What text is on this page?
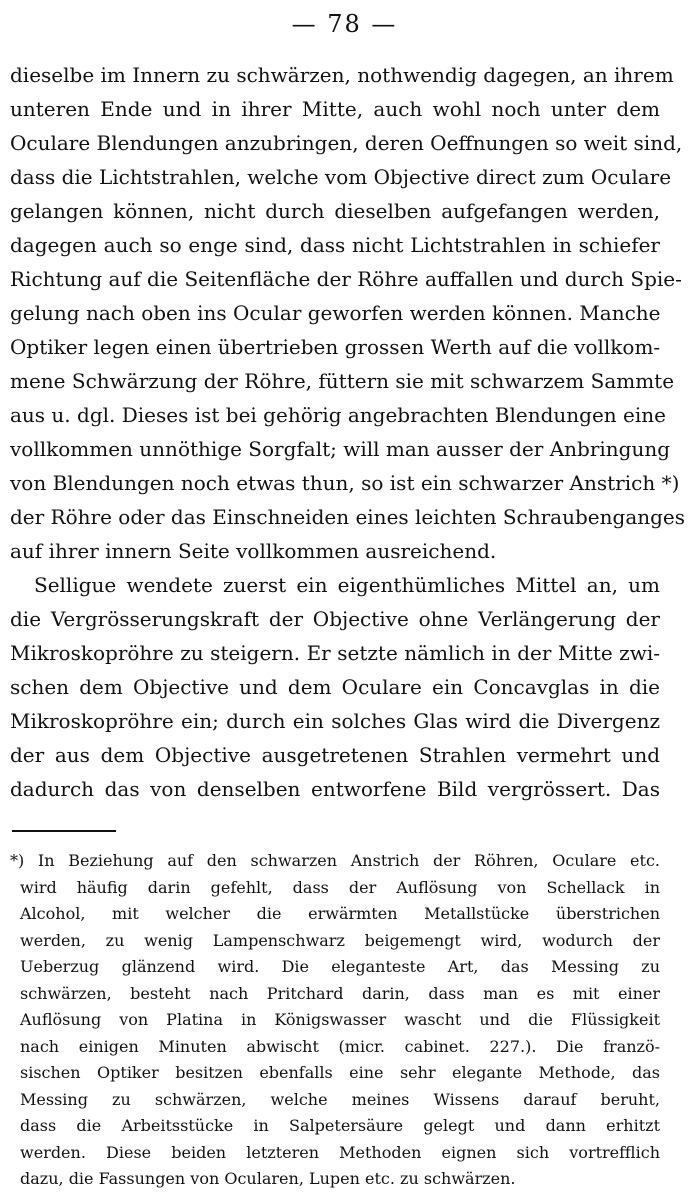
— 78 —
dieselbe im Innern zu schwärzen, nothwendig dagegen, an ihrem
unteren Ende und in ihrer Mitte, auch wohl noch unter dem
Oculare Blendungen anzubringen, deren Oeffnungen so weit sind,
dass die Lichtstrahlen, welche vom Objective direct zum Oculare
gelangen können, nicht durch dieselben aufgefangen werden,
dagegen auch so enge sind, dass nicht Lichtstrahlen in schiefer
Richtung auf die Seitenfläche der Röhre auffallen und durch Spie-
gelung nach oben ins Ocular geworfen werden können. Manche
Optiker legen einen übertrieben grossen Werth auf die vollkom-
mene Schwärzung der Röhre, füttern sie mit schwarzem Sammte
aus u. dgl. Dieses ist bei gehörig angebrachten Blendungen eine
vollkommen unnöthige Sorgfalt; will man ausser der Anbringung
von Blendungen noch etwas thun, so ist ein schwarzer Anstrich *)
der Röhre oder das Einschneiden eines leichten Schraubenganges
auf ihrer innern Seite vollkommen ausreichend.
Selligue wendete zuerst ein eigenthümliches Mittel an, um
die Vergrösserungskraft der Objective ohne Verlängerung der
Mikroskopröhre zu steigern. Er setzte nämlich in der Mitte zwi-
schen dem Objective und dem Oculare ein Concavglas in die
Mikroskopröhre ein; durch ein solches Glas wird die Divergenz
der aus dem Objective ausgetretenen Strahlen vermehrt und
dadurch das von denselben entworfene Bild vergrössert. Das
*) In Beziehung auf den schwarzen Anstrich der Röhren, Oculare etc.
wird häufig darin gefehlt, dass der Auflösung von Schellack in
Alcohol, mit welcher die erwärmten Metallstücke überstrichen
werden, zu wenig Lampenschwarz beigemengt wird, wodurch der
Ueberzug glänzend wird. Die eleganteste Art, das Messing zu
schwärzen, besteht nach Pritchard darin, dass man es mit einer
Auflösung von Platina in Königswasser wascht und die Flüssigkeit
nach einigen Minuten abwischt (micr. cabinet. 227.). Die franzö-
sischen Optiker besitzen ebenfalls eine sehr elegante Methode, das
Messing zu schwärzen, welche meines Wissens darauf beruht,
dass die Arbeitsstücke in Salpetersäure gelegt und dann erhitzt
werden. Diese beiden letzteren Methoden eignen sich vortrefflich
dazu, die Fassungen von Ocularen, Lupen etc. zu schwärzen.
